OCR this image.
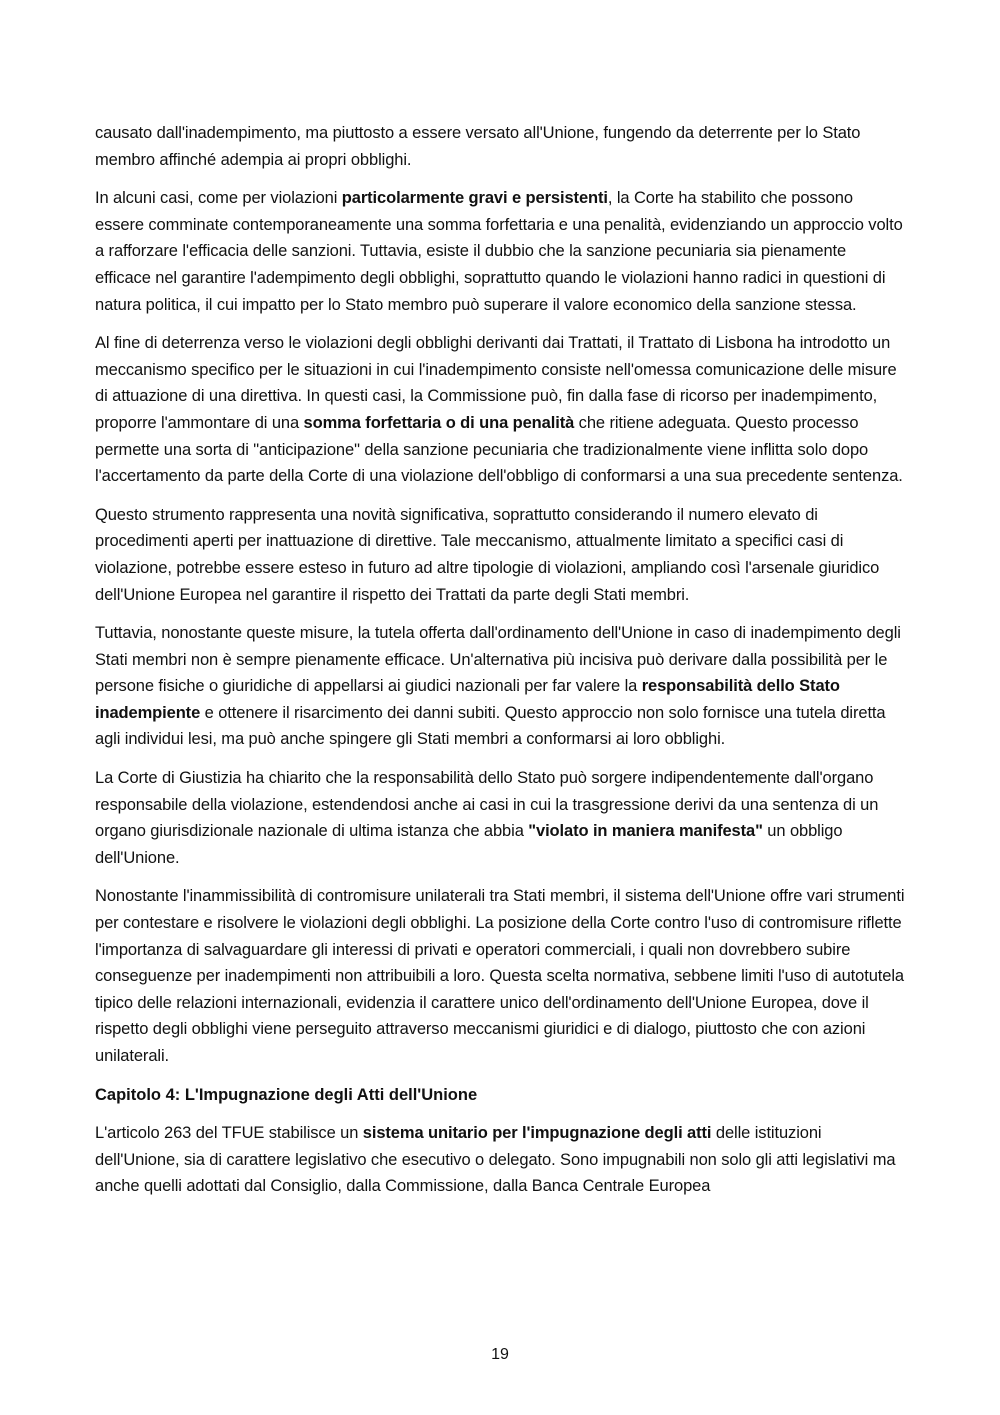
causato dall'inadempimento, ma piuttosto a essere versato all'Unione, fungendo da deterrente per lo Stato membro affinché adempia ai propri obblighi.

In alcuni casi, come per violazioni particolarmente gravi e persistenti, la Corte ha stabilito che possono essere comminate contemporaneamente una somma forfettaria e una penalità, evidenziando un approccio volto a rafforzare l'efficacia delle sanzioni. Tuttavia, esiste il dubbio che la sanzione pecuniaria sia pienamente efficace nel garantire l'adempimento degli obblighi, soprattutto quando le violazioni hanno radici in questioni di natura politica, il cui impatto per lo Stato membro può superare il valore economico della sanzione stessa.

Al fine di deterrenza verso le violazioni degli obblighi derivanti dai Trattati, il Trattato di Lisbona ha introdotto un meccanismo specifico per le situazioni in cui l'inadempimento consiste nell'omessa comunicazione delle misure di attuazione di una direttiva. In questi casi, la Commissione può, fin dalla fase di ricorso per inadempimento, proporre l'ammontare di una somma forfettaria o di una penalità che ritiene adeguata. Questo processo permette una sorta di "anticipazione" della sanzione pecuniaria che tradizionalmente viene inflitta solo dopo l'accertamento da parte della Corte di una violazione dell'obbligo di conformarsi a una sua precedente sentenza.

Questo strumento rappresenta una novità significativa, soprattutto considerando il numero elevato di procedimenti aperti per inattuazione di direttive. Tale meccanismo, attualmente limitato a specifici casi di violazione, potrebbe essere esteso in futuro ad altre tipologie di violazioni, ampliando così l'arsenale giuridico dell'Unione Europea nel garantire il rispetto dei Trattati da parte degli Stati membri.

Tuttavia, nonostante queste misure, la tutela offerta dall'ordinamento dell'Unione in caso di inadempimento degli Stati membri non è sempre pienamente efficace. Un'alternativa più incisiva può derivare dalla possibilità per le persone fisiche o giuridiche di appellarsi ai giudici nazionali per far valere la responsabilità dello Stato inadempiente e ottenere il risarcimento dei danni subiti. Questo approccio non solo fornisce una tutela diretta agli individui lesi, ma può anche spingere gli Stati membri a conformarsi ai loro obblighi.

La Corte di Giustizia ha chiarito che la responsabilità dello Stato può sorgere indipendentemente dall'organo responsabile della violazione, estendendosi anche ai casi in cui la trasgressione derivi da una sentenza di un organo giurisdizionale nazionale di ultima istanza che abbia "violato in maniera manifesta" un obbligo dell'Unione.

Nonostante l'inammissibilità di contromisure unilaterali tra Stati membri, il sistema dell'Unione offre vari strumenti per contestare e risolvere le violazioni degli obblighi. La posizione della Corte contro l'uso di contromisure riflette l'importanza di salvaguardare gli interessi di privati e operatori commerciali, i quali non dovrebbero subire conseguenze per inadempimenti non attribuibili a loro. Questa scelta normativa, sebbene limiti l'uso di autotutela tipico delle relazioni internazionali, evidenzia il carattere unico dell'ordinamento dell'Unione Europea, dove il rispetto degli obblighi viene perseguito attraverso meccanismi giuridici e di dialogo, piuttosto che con azioni unilaterali.

Capitolo 4: L'Impugnazione degli Atti dell'Unione

L'articolo 263 del TFUE stabilisce un sistema unitario per l'impugnazione degli atti delle istituzioni dell'Unione, sia di carattere legislativo che esecutivo o delegato. Sono impugnabili non solo gli atti legislativi ma anche quelli adottati dal Consiglio, dalla Commissione, dalla Banca Centrale Europea

19
